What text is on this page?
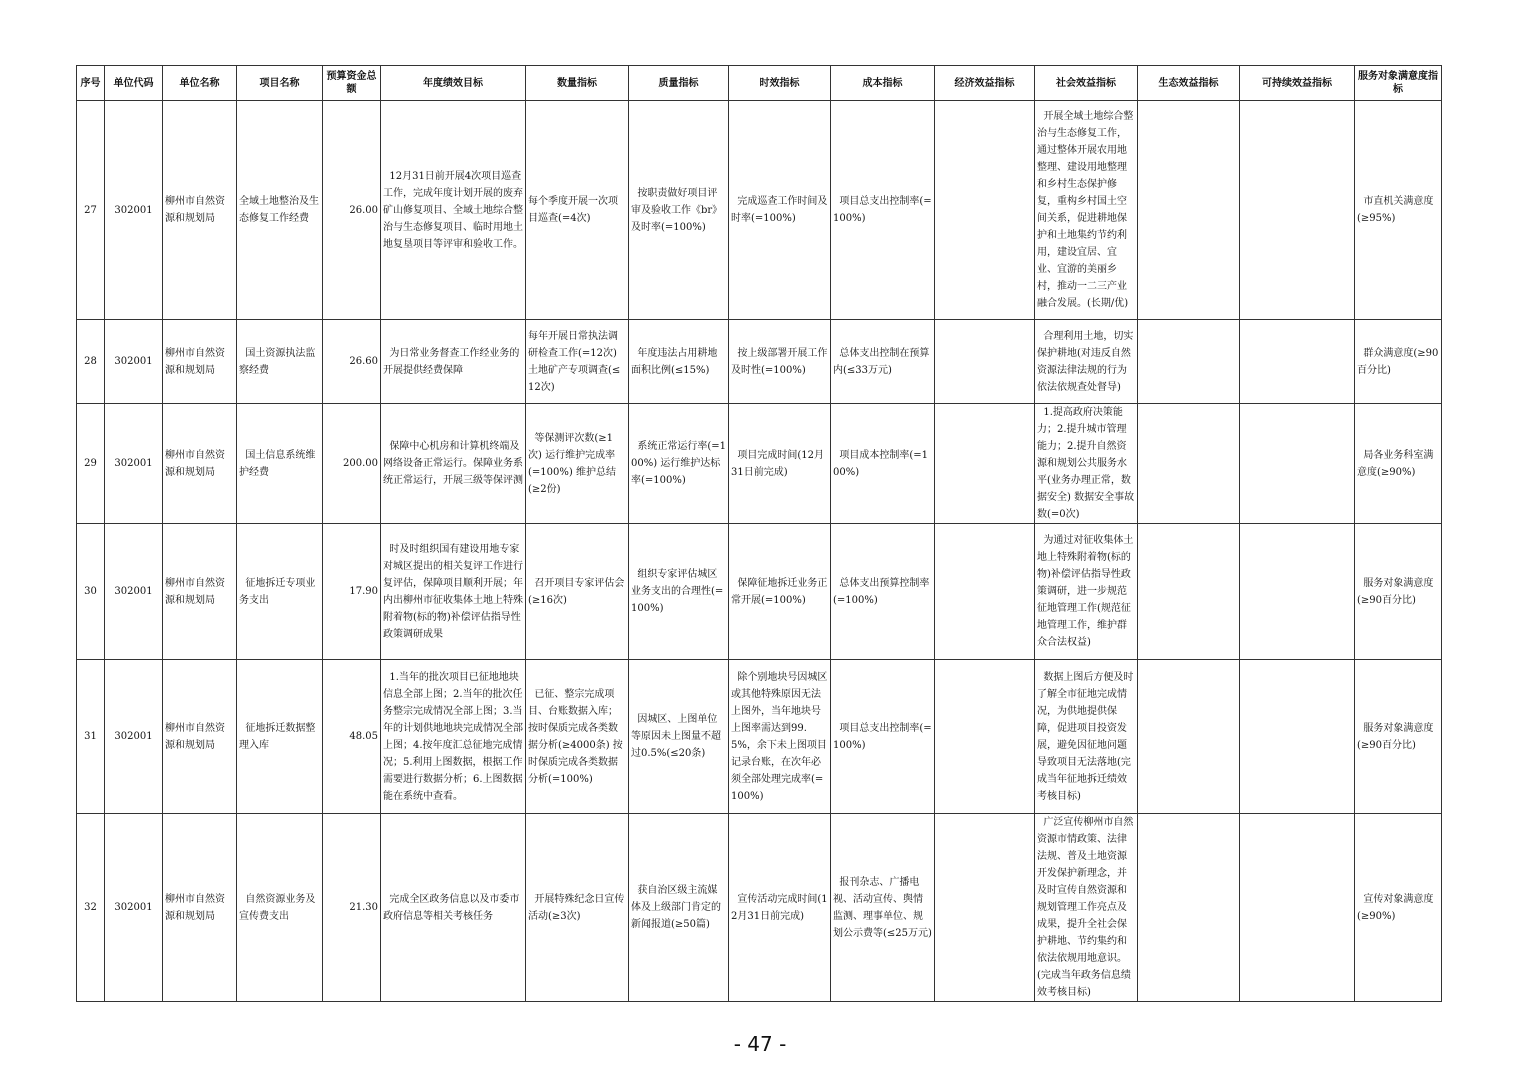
序号	单位代码	单位名称	项目名称	预算资金总额	年度绩效目标	数量指标	质量指标	时效指标	成本指标	经济效益指标	社会效益指标	生态效益指标	可持续效益指标	服务对象满意度指标
27	302001	柳州市自然资源和规划局	全域土地整治及生态修复工作经费	26.00	12月31日前开展4次项目巡查工作，完成年度计划开展的废弃矿山修复项目、全域土地综合整治与生态修复项目、临时用地土地复垦项目等评审和验收工作。	每个季度开展一次项目巡查(=4次)	按职责做好项目评审及验收工作《br》及时率(=100%)	完成巡查工作时间及时率(=100%)	项目总支出控制率(=100%)		开展全域土地综合整治与生态修复工作，通过整体开展农用地整理、建设用地整理和乡村生态保护修复，重构乡村国土空间关系，促进耕地保护和土地集约节约利用，建设宜居、宜业、宜游的美丽乡村，推动一二三产业融合发展。(长期/优)			市直机关满意度(≥95%)
28	302001	柳州市自然资源和规划局	国土资源执法监察经费	26.60	为日常业务督查工作经业务的开展提供经费保障	每年开展日常执法调研检查工作(=12次) 土地矿产专项调查(≤12次)	年度违法占用耕地面积比例(≤15%)	按上级部署开展工作及时性(=100%)	总体支出控制在预算内(≤33万元)		合理利用土地，切实保护耕地(对违反自然资源法律法规的行为依法依规查处督导)			群众满意度(≥90百分比)
29	302001	柳州市自然资源和规划局	国土信息系统维护经费	200.00	保障中心机房和计算机终端及网络设备正常运行。保障业务系统正常运行，开展三级等保评测	等保测评次数(≥1次) 运行维护完成率(=100%) 维护总结(≥2份)	系统正常运行率(=100%) 运行维护达标率(=100%)	项目完成时间(12月31日前完成)	项目成本控制率(=100%)		1.提高政府决策能力；2.提升城市管理能力；2.提升自然资源和规划公共服务水平(业务办理正常，数据安全) 数据安全事故数(=0次)			局各业务科室满意度(≥90%)
30	302001	柳州市自然资源和规划局	征地拆迁专项业务支出	17.90	时及时组织国有建设用地专家对城区提出的相关复评工作进行复评估，保障项目顺利开展；年内出柳州市征收集体土地上特殊附着物(标的物)补偿评估指导性政策调研成果	召开项目专家评估会(≥16次)	组织专家评估城区业务支出的合理性(=100%)	保障征地拆迁业务正常开展(=100%)	总体支出预算控制率(=100%)		为通过对征收集体土地上特殊附着物(标的物)补偿评估指导性政策调研，进一步规范征地管理工作(规范征地管理工作，维护群众合法权益)			服务对象满意度(≥90百分比)
31	302001	柳州市自然资源和规划局	征地拆迁数据整理入库	48.05	1.当年的批次项目已征地地块信息全部上图；2.当年的批次任务整宗完成情况全部上图；3.当年的计划供地地块完成情况全部上图；4.按年度汇总征地完成情况；5.利用上图数据，根据工作需要进行数据分析；6.上图数据能在系统中查看。	已征、整宗完成项目、台账数据入库；按时保质完成各类数据分析(≥4000条) 按时保质完成各类数据分析(=100%)	因城区、上图单位等原因未上图量不超过0.5%(≤20条)	除个别地块号因城区或其他特殊原因无法上图外，当年地块号上图率需达到99.5%，余下未上图项目记录台账，在次年必须全部处理完成率(=100%)	项目总支出控制率(=100%)		数据上图后方便及时了解全市征地完成情况，为供地提供保障，促进项目投资发展，避免因征地问题导致项目无法落地(完成当年征地拆迁绩效考核目标)			服务对象满意度(≥90百分比)
32	302001	柳州市自然资源和规划局	自然资源业务及宣传费支出	21.30	完成全区政务信息以及市委市政府信息等相关考核任务	开展特殊纪念日宣传活动(≥3次)	获自治区级主流媒体及上级部门肯定的新闻报道(≥50篇)	宣传活动完成时间(12月31日前完成)	报刊杂志、广播电视、活动宣传、舆情监测、理事单位、规划公示费等(≤25万元)		广泛宣传柳州市自然资源市情政策、法律法规、普及土地资源开发保护新理念，并及时宣传自然资源和规划管理工作亮点及成果，提升全社会保护耕地、节约集约和依法依规用地意识。(完成当年政务信息绩效考核目标)			宣传对象满意度(≥90%)
- 47 -
